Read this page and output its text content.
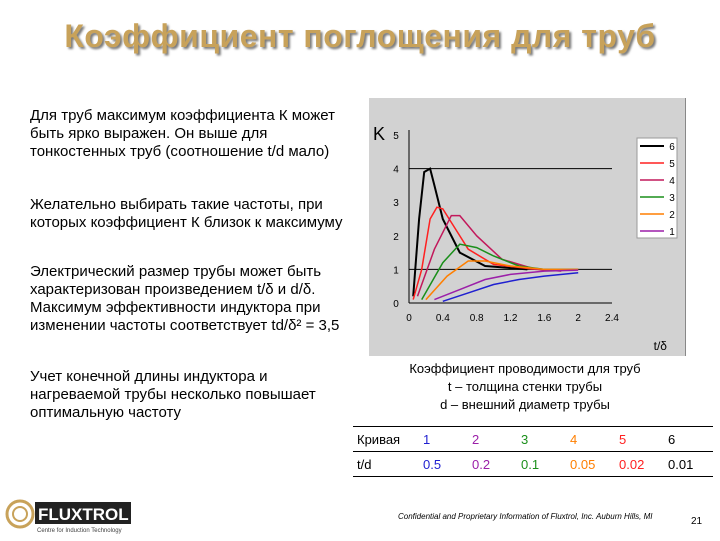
Коэффициент поглощения для труб
Для труб максимум коэффициента К может быть ярко выражен. Он выше для тонкостенных труб (соотношение t/d мало)
Желательно выбирать такие частоты, при которых коэффициент К близок к максимуму
Электрический размер трубы может быть характеризован произведением t/δ и d/δ. Максимум эффективности индуктора при изменении частоты соответствует td/δ² = 3,5
Учет конечной длины индуктора и нагреваемой трубы несколько повышает оптимальную частоту
0
1
2
3
4
5
0 0.4 0.8 1.2 1.6 2 2.4
K
t/δ
6
5
4
3
2
1
Коэффициент проводимости для труб
t – толщина стенки трубы
d – внешний диаметр трубы
Кривая	1	2	3	4	5	6
t/d	0.5	0.2	0.1	0.05	0.02	0.01
FLUXTROL
Centre for Induction Technology
Confidential and Proprietary Information of Fluxtrol, Inc. Auburn Hills, MI	21
